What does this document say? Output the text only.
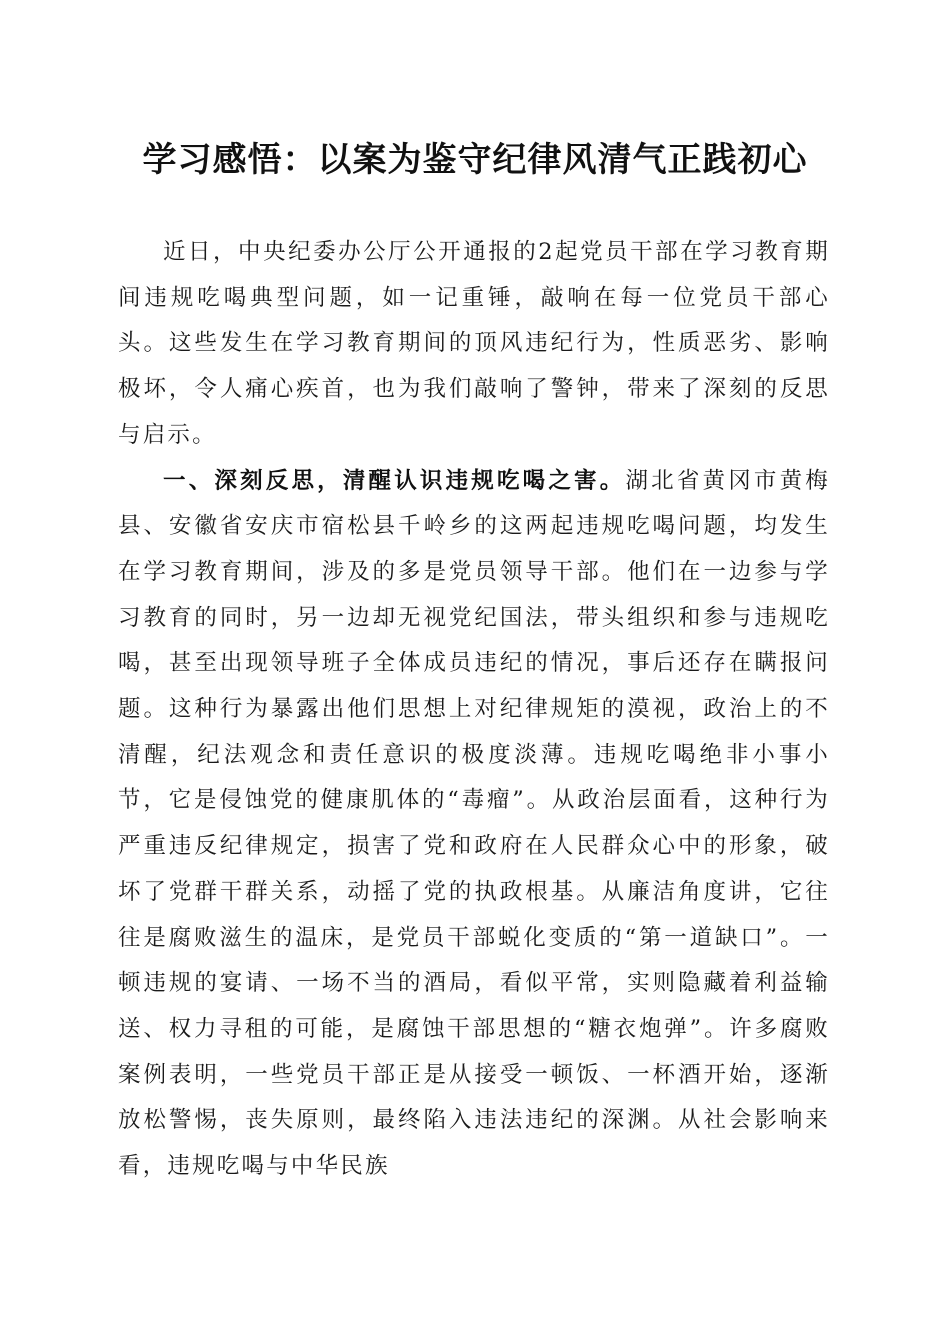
学习感悟：以案为鉴守纪律风清气正践初心

近日，中央纪委办公厅公开通报的2起党员干部在学习教育期间违规吃喝典型问题，如一记重锤，敲响在每一位党员干部心头。这些发生在学习教育期间的顶风违纪行为，性质恶劣、影响极坏，令人痛心疾首，也为我们敲响了警钟，带来了深刻的反思与启示。

一、深刻反思，清醒认识违规吃喝之害。湖北省黄冈市黄梅县、安徽省安庆市宿松县千岭乡的这两起违规吃喝问题，均发生在学习教育期间，涉及的多是党员领导干部。他们在一边参与学习教育的同时，另一边却无视党纪国法，带头组织和参与违规吃喝，甚至出现领导班子全体成员违纪的情况，事后还存在瞒报问题。这种行为暴露出他们思想上对纪律规矩的漠视，政治上的不清醒，纪法观念和责任意识的极度淡薄。违规吃喝绝非小事小节，它是侵蚀党的健康肌体的“毒瘤”。从政治层面看，这种行为严重违反纪律规定，损害了党和政府在人民群众心中的形象，破坏了党群干群关系，动摇了党的执政根基。从廉洁角度讲，它往往是腐败滋生的温床，是党员干部蜕化变质的“第一道缺口”。一顿违规的宴请、一场不当的酒局，看似平常，实则隐藏着利益输送、权力寻租的可能，是腐蚀干部思想的“糖衣炮弹”。许多腐败案例表明，一些党员干部正是从接受一顿饭、一杯酒开始，逐渐放松警惕，丧失原则，最终陷入违法违纪的深渊。从社会影响来看，违规吃喝与中华民族
